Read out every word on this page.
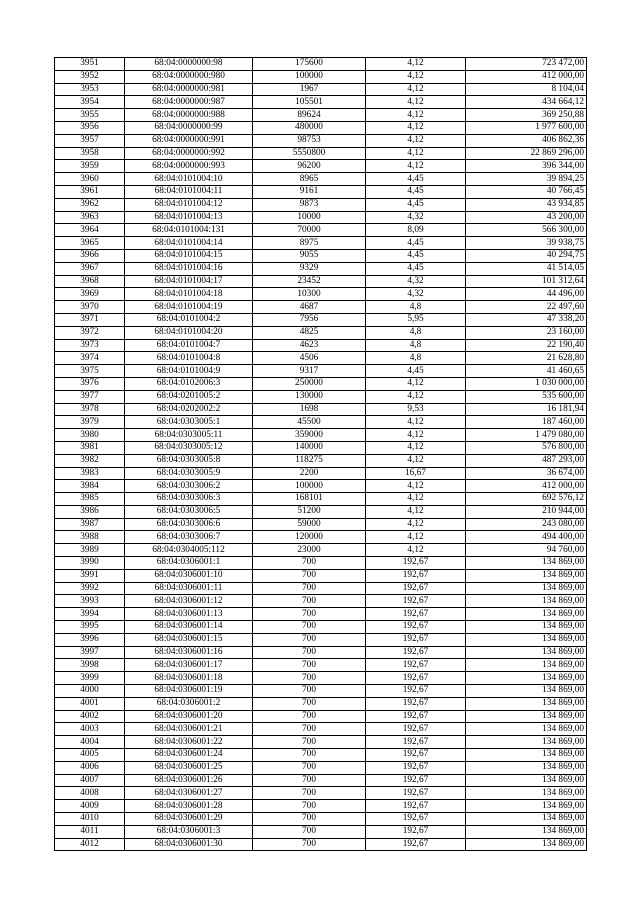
3951	68:04:0000000:98	175600	4,12	723 472,00
3952	68:04:0000000:980	100000	4,12	412 000,00
3953	68:04:0000000:981	1967	4,12	8 104,04
3954	68:04:0000000:987	105501	4,12	434 664,12
3955	68:04:0000000:988	89624	4,12	369 250,88
3956	68:04:0000000:99	480000	4,12	1 977 600,00
3957	68:04:0000000:991	98753	4,12	406 862,36
3958	68:04:0000000:992	5550800	4,12	22 869 296,00
3959	68:04:0000000:993	96200	4,12	396 344,00
3960	68:04:0101004:10	8965	4,45	39 894,25
3961	68:04:0101004:11	9161	4,45	40 766,45
3962	68:04:0101004:12	9873	4,45	43 934,85
3963	68:04:0101004:13	10000	4,32	43 200,00
3964	68:04:0101004:131	70000	8,09	566 300,00
3965	68:04:0101004:14	8975	4,45	39 938,75
3966	68:04:0101004:15	9055	4,45	40 294,75
3967	68:04:0101004:16	9329	4,45	41 514,05
3968	68:04:0101004:17	23452	4,32	101 312,64
3969	68:04:0101004:18	10300	4,32	44 496,00
3970	68:04:0101004:19	4687	4,8	22 497,60
3971	68:04:0101004:2	7956	5,95	47 338,20
3972	68:04:0101004:20	4825	4,8	23 160,00
3973	68:04:0101004:7	4623	4,8	22 190,40
3974	68:04:0101004:8	4506	4,8	21 628,80
3975	68:04:0101004:9	9317	4,45	41 460,65
3976	68:04:0102006:3	250000	4,12	1 030 000,00
3977	68:04:0201005:2	130000	4,12	535 600,00
3978	68:04:0202002:2	1698	9,53	16 181,94
3979	68:04:0303005:1	45500	4,12	187 460,00
3980	68:04:0303005:11	359000	4,12	1 479 080,00
3981	68:04:0303005:12	140000	4,12	576 800,00
3982	68:04:0303005:8	118275	4,12	487 293,00
3983	68:04:0303005:9	2200	16,67	36 674,00
3984	68:04:0303006:2	100000	4,12	412 000,00
3985	68:04:0303006:3	168101	4,12	692 576,12
3986	68:04:0303006:5	51200	4,12	210 944,00
3987	68:04:0303006:6	59000	4,12	243 080,00
3988	68:04:0303006:7	120000	4,12	494 400,00
3989	68:04:0304005:112	23000	4,12	94 760,00
3990	68:04:0306001:1	700	192,67	134 869,00
3991	68:04:0306001:10	700	192,67	134 869,00
3992	68:04:0306001:11	700	192,67	134 869,00
3993	68:04:0306001:12	700	192,67	134 869,00
3994	68:04:0306001:13	700	192,67	134 869,00
3995	68:04:0306001:14	700	192,67	134 869,00
3996	68:04:0306001:15	700	192,67	134 869,00
3997	68:04:0306001:16	700	192,67	134 869,00
3998	68:04:0306001:17	700	192,67	134 869,00
3999	68:04:0306001:18	700	192,67	134 869,00
4000	68:04:0306001:19	700	192,67	134 869,00
4001	68:04:0306001:2	700	192,67	134 869,00
4002	68:04:0306001:20	700	192,67	134 869,00
4003	68:04:0306001:21	700	192,67	134 869,00
4004	68:04:0306001:22	700	192,67	134 869,00
4005	68:04:0306001:24	700	192,67	134 869,00
4006	68:04:0306001:25	700	192,67	134 869,00
4007	68:04:0306001:26	700	192,67	134 869,00
4008	68:04:0306001:27	700	192,67	134 869,00
4009	68:04:0306001:28	700	192,67	134 869,00
4010	68:04:0306001:29	700	192,67	134 869,00
4011	68:04:0306001:3	700	192,67	134 869,00
4012	68:04:0306001:30	700	192,67	134 869,00
